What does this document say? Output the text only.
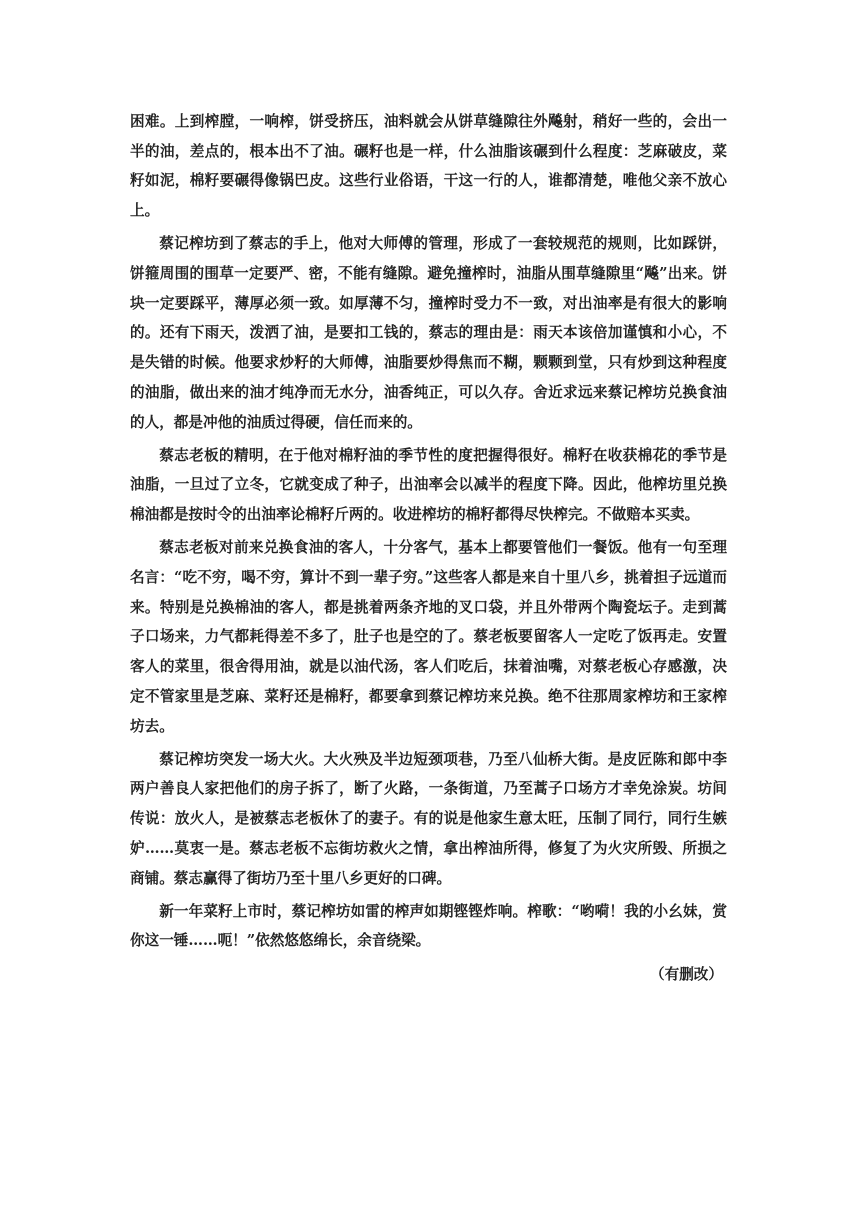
困难。上到榨膛，一响榨，饼受挤压，油料就会从饼草缝隙往外飚射，稍好一些的，会出一半的油，差点的，根本出不了油。碾籽也是一样，什么油脂该碾到什么程度：芝麻破皮，菜籽如泥，棉籽要碾得像锅巴皮。这些行业俗语，干这一行的人，谁都清楚，唯他父亲不放心上。

蔡记榨坊到了蔡志的手上，他对大师傅的管理，形成了一套较规范的规则，比如踩饼，饼箍周围的围草一定要严、密，不能有缝隙。避免撞榨时，油脂从围草缝隙里“飚”出来。饼块一定要踩平，薄厚必须一致。如厚薄不匀，撞榨时受力不一致，对出油率是有很大的影响的。还有下雨天，泼洒了油，是要扣工钱的，蔡志的理由是：雨天本该倍加谨慎和小心，不是失错的时候。他要求炒籽的大师傅，油脂要炒得焦而不糊，颗颗到堂，只有炒到这种程度的油脂，做出来的油才纯净而无水分，油香纯正，可以久存。舍近求远来蔡记榨坊兑换食油的人，都是冲他的油质过得硬，信任而来的。

蔡志老板的精明，在于他对棉籽油的季节性的度把握得很好。棉籽在收获棉花的季节是油脂，一旦过了立冬，它就变成了种子，出油率会以减半的程度下降。因此，他榨坊里兑换棉油都是按时令的出油率论棉籽斤两的。收进榨坊的棉籽都得尽快榨完。不做赔本买卖。

蔡志老板对前来兑换食油的客人，十分客气，基本上都要管他们一餐饭。他有一句至理名言：“吃不穷，喝不穷，算计不到一辈子穷。”这些客人都是来自十里八乡，挑着担子远道而来。特别是兑换棉油的客人，都是挑着两条齐地的叉口袋，并且外带两个陶瓷坛子。走到蒿子口场来，力气都耗得差不多了，肚子也是空的了。蔡老板要留客人一定吃了饭再走。安置客人的菜里，很舍得用油，就是以油代汤，客人们吃后，抹着油嘴，对蔡老板心存感激，决定不管家里是芝麻、菜籽还是棉籽，都要拿到蔡记榨坊来兑换。绝不往那周家榨坊和王家榨坊去。

蔡记榨坊突发一场大火。大火殃及半边短颈项巷，乃至八仙桥大街。是皮匠陈和郎中李两户善良人家把他们的房子拆了，断了火路，一条街道，乃至蒿子口场方才幸免涂炭。坊间传说：放火人，是被蔡志老板休了的妻子。有的说是他家生意太旺，压制了同行，同行生嫉妒……莫衷一是。蔡志老板不忘街坊救火之情，拿出榨油所得，修复了为火灾所毁、所损之商铺。蔡志赢得了街坊乃至十里八乡更好的口碑。

新一年菜籽上市时，蔡记榨坊如雷的榨声如期铿铿炸响。榨歌：“哟嗬！我的小幺妹，赏你这一锤……呃！”依然悠悠绵长，余音绕梁。

（有删改）
